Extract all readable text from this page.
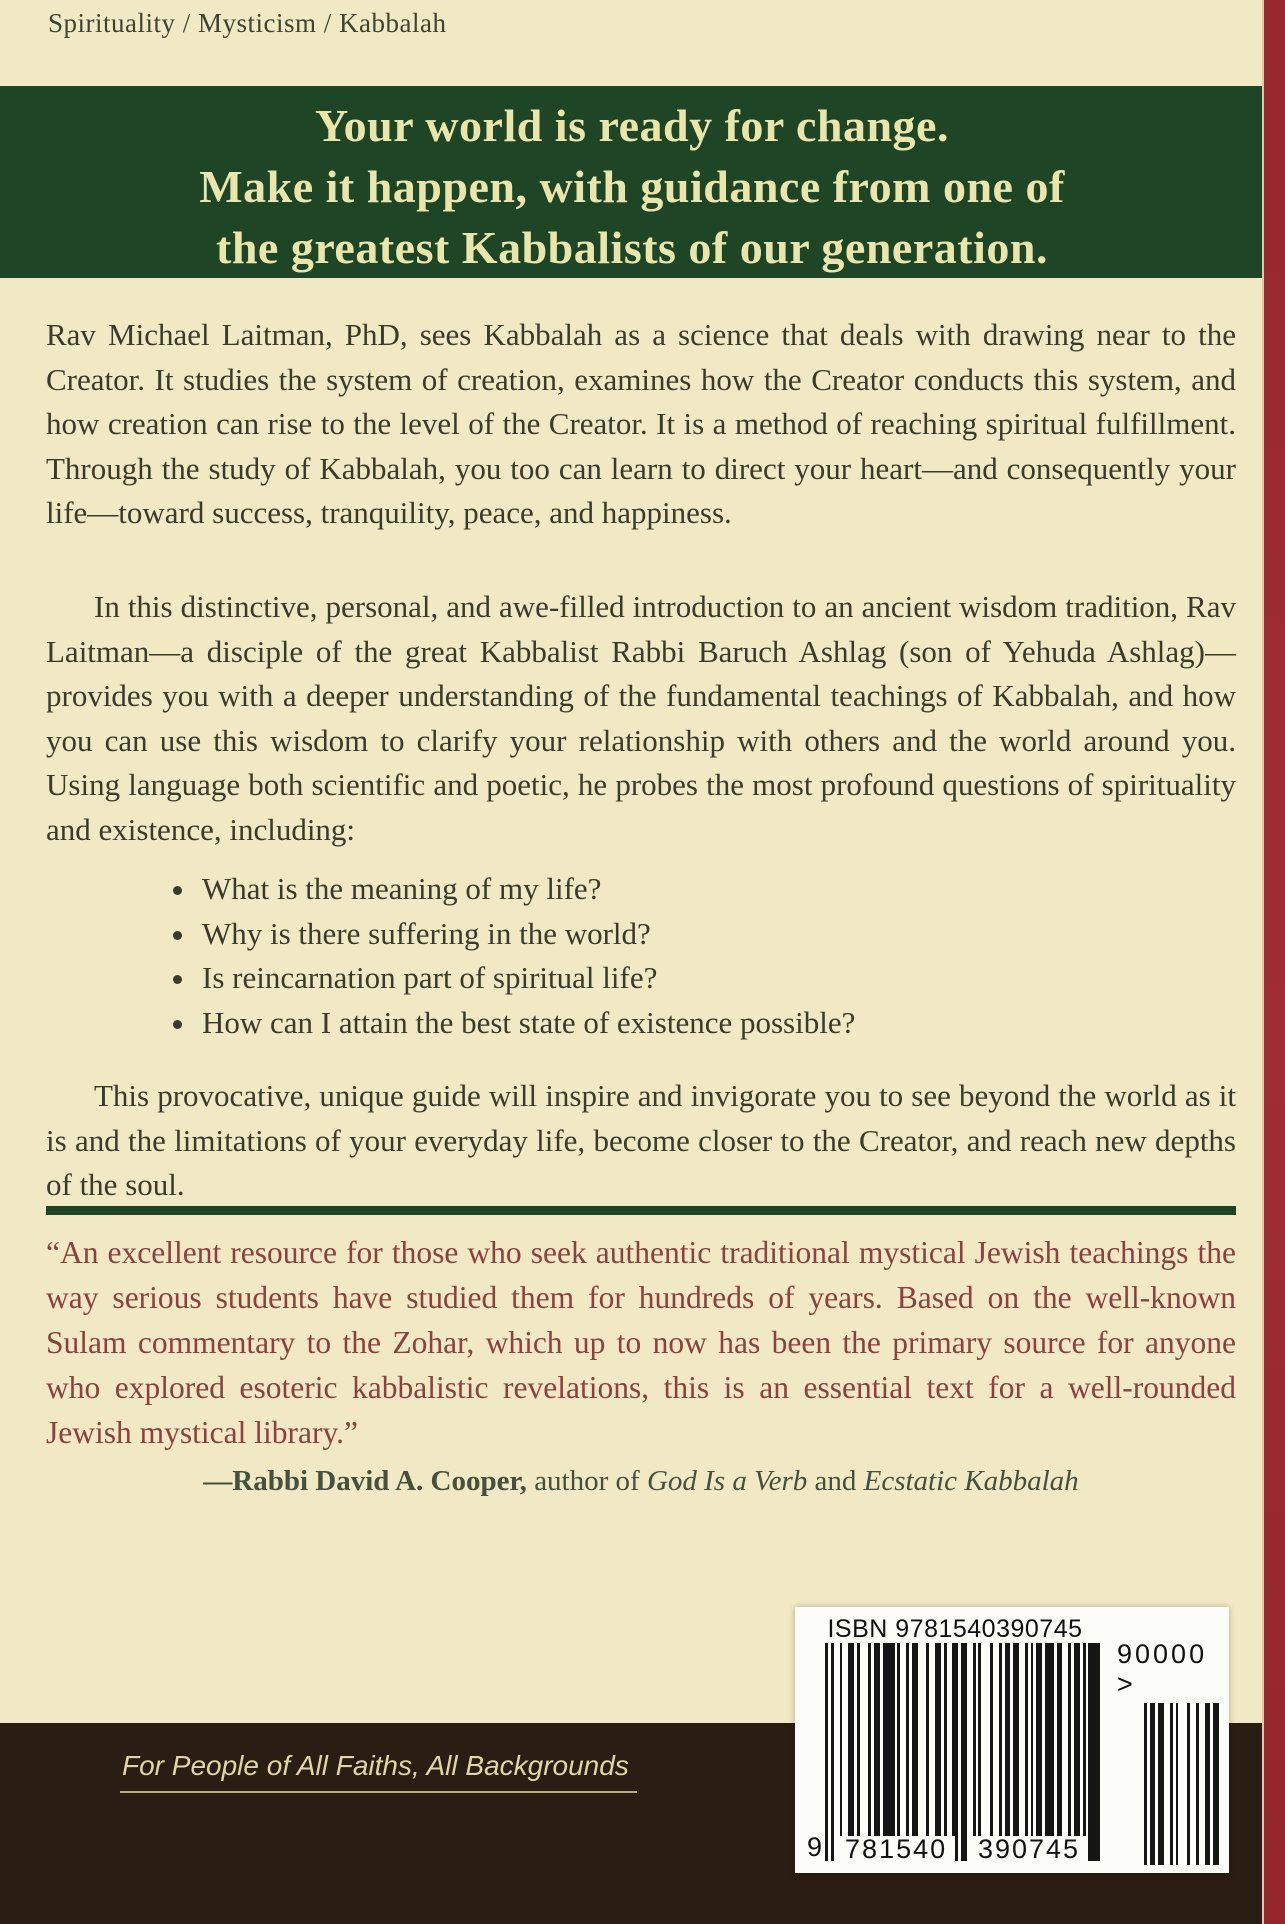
Spirituality / Mysticism / Kabbalah
Your world is ready for change.
Make it happen, with guidance from one of
the greatest Kabbalists of our generation.

Rav Michael Laitman, PhD, sees Kabbalah as a science that deals with drawing near to the Creator. It studies the system of creation, examines how the Creator conducts this system, and how creation can rise to the level of the Creator. It is a method of reaching spiritual fulfillment. Through the study of Kabbalah, you too can learn to direct your heart—and consequently your life—toward success, tranquility, peace, and happiness.

In this distinctive, personal, and awe-filled introduction to an ancient wisdom tradition, Rav Laitman—a disciple of the great Kabbalist Rabbi Baruch Ashlag (son of Yehuda Ashlag)—provides you with a deeper understanding of the fundamental teachings of Kabbalah, and how you can use this wisdom to clarify your relationship with others and the world around you. Using language both scientific and poetic, he probes the most profound questions of spirituality and existence, including:

• What is the meaning of my life?
• Why is there suffering in the world?
• Is reincarnation part of spiritual life?
• How can I attain the best state of existence possible?

This provocative, unique guide will inspire and invigorate you to see beyond the world as it is and the limitations of your everyday life, become closer to the Creator, and reach new depths of the soul.

“An excellent resource for those who seek authentic traditional mystical Jewish teachings the way serious students have studied them for hundreds of years. Based on the well-known Sulam commentary to the Zohar, which up to now has been the primary source for anyone who explored esoteric kabbalistic revelations, this is an essential text for a well-rounded Jewish mystical library.”

—Rabbi David A. Cooper, author of God Is a Verb and Ecstatic Kabbalah

For People of All Faiths, All Backgrounds
ISBN 9781540390745
9 781540 390745
90000 >
